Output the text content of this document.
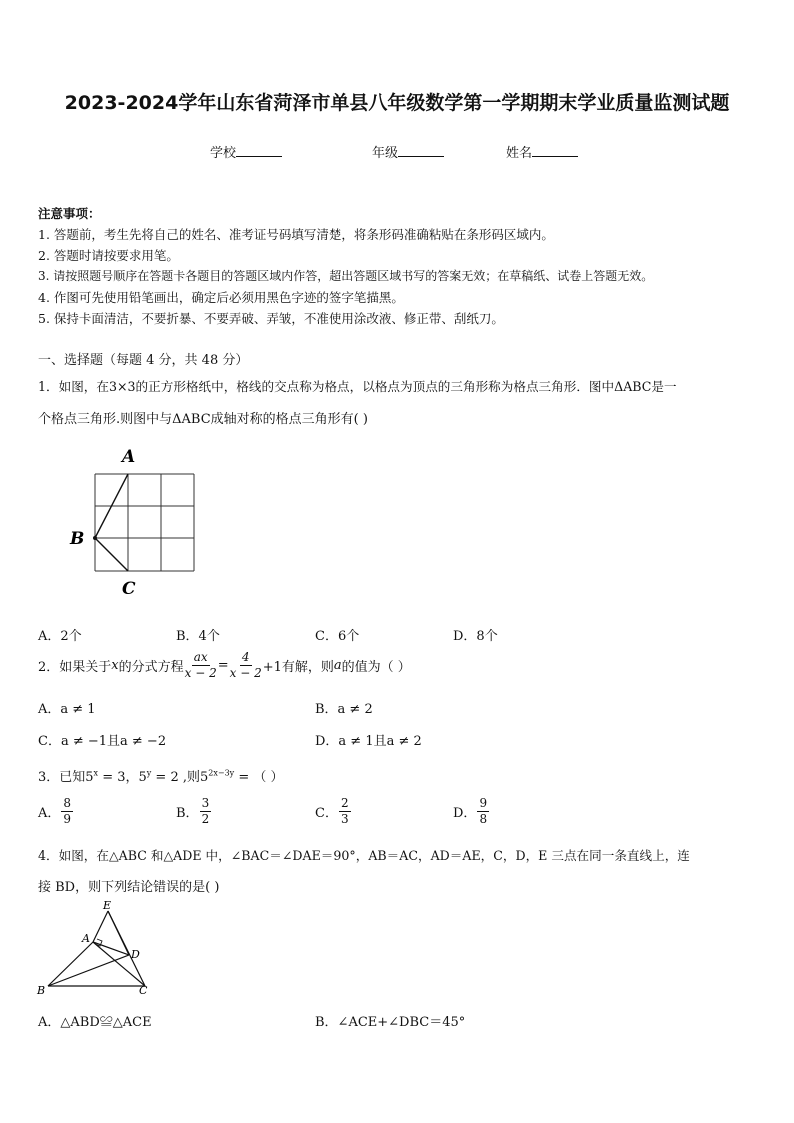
2023-2024学年山东省菏泽市单县八年级数学第一学期期末学业质量监测试题
学校	年级	姓名
注意事项：
1. 答题前，考生先将自己的姓名、准考证号码填写清楚，将条形码准确粘贴在条形码区域内。
2. 答题时请按要求用笔。
3. 请按照题号顺序在答题卡各题目的答题区域内作答，超出答题区域书写的答案无效；在草稿纸、试卷上答题无效。
4. 作图可先使用铅笔画出，确定后必须用黑色字迹的签字笔描黑。
5. 保持卡面清洁，不要折暴、不要弄破、弄皱，不准使用涂改液、修正带、刮纸刀。
一、选择题（每题 4 分，共 48 分）
1．如图，在3×3的正方形格纸中，格线的交点称为格点，以格点为顶点的三角形称为格点三角形．图中ΔABC是一
个格点三角形.则图中与ΔABC成轴对称的格点三角形有( )
A
B
C
A．2个	B．4个	C．6个	D．8个
2．如果关于 x 的分式方程 $\frac{ax}{x - 2} = \frac{4}{x - 2} +1$有解，则 a 的值为（ ）
A．a ≠ 1	B．a ≠ 2
C．a ≠ −1且a ≠ −2	D．a ≠ 1且a ≠ 2
3．已知$5^x = 3$，$5^y = 2$ ,则$5^{2x-3y}$ = （ ）
A． $\frac{8}{9}$	B． $\frac{3}{2}$	C． $\frac{2}{3}$	D． $\frac{9}{8}$
4．如图，在△ABC 和△ADE 中，∠BAC＝∠DAE＝90°，AB＝AC，AD＝AE，C，D，E 三点在同一条直线上，连
接 BD，则下列结论错误的是( )
E
A
D
B	C
A．△ABD≌△ACE	B．∠ACE+∠DBC＝45°
